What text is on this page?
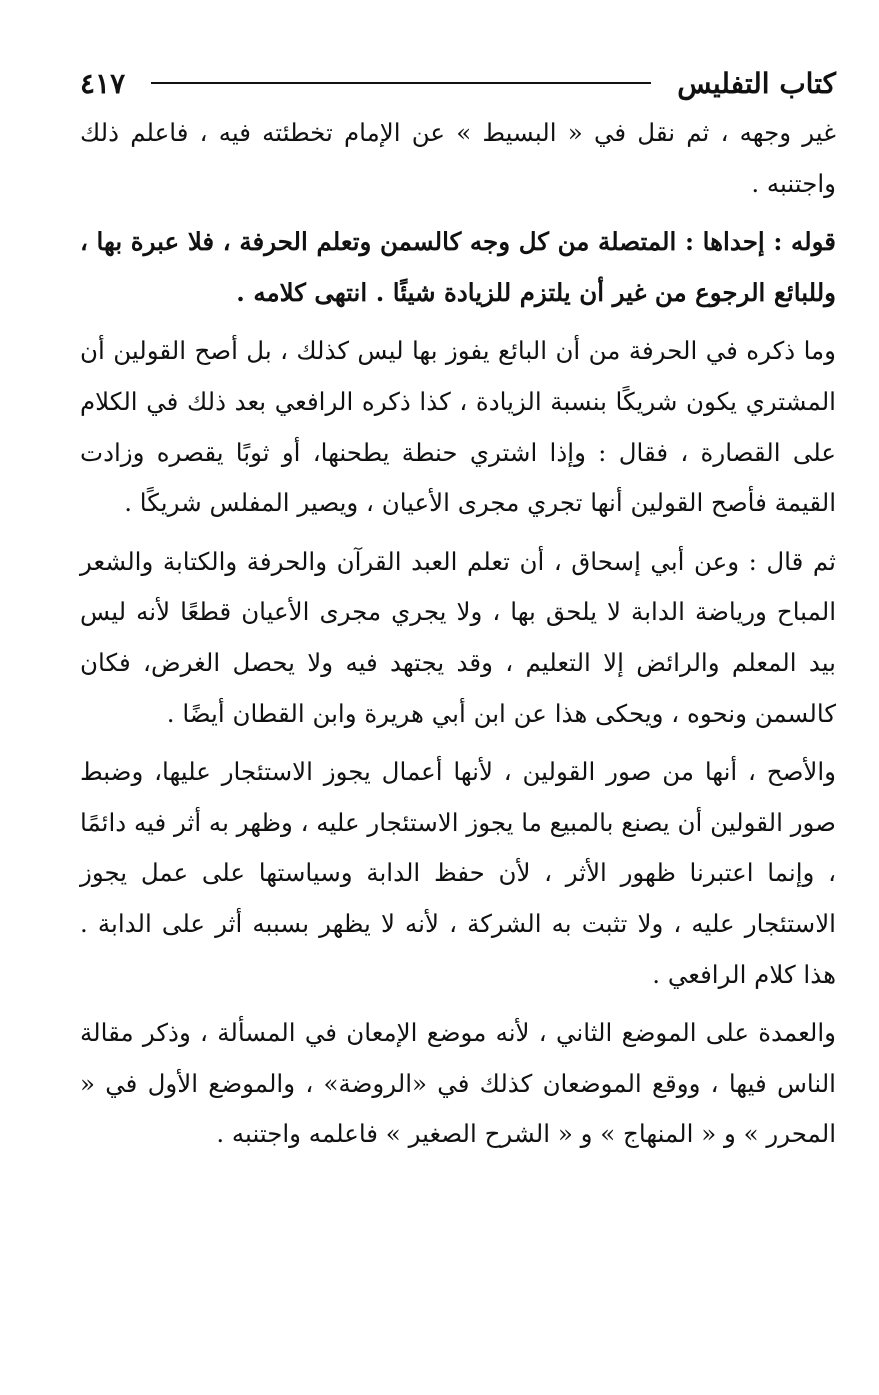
كتاب التفليس
٤١٧

غير وجهه ، ثم نقل في « البسيط » عن الإمام تخطئته فيه ، فاعلم ذلك واجتنبه .

قوله : إحداها : المتصلة من كل وجه كالسمن وتعلم الحرفة ، فلا عبرة بها ، وللبائع الرجوع من غير أن يلتزم للزيادة شيئًا . انتهى كلامه .

وما ذكره في الحرفة من أن البائع يفوز بها ليس كذلك ، بل أصح القولين أن المشتري يكون شريكًا بنسبة الزيادة ، كذا ذكره الرافعي بعد ذلك في الكلام على القصارة ، فقال : وإذا اشتري حنطة يطحنها، أو ثوبًا يقصره وزادت القيمة فأصح القولين أنها تجري مجرى الأعيان ، ويصير المفلس شريكًا .

ثم قال : وعن أبي إسحاق ، أن تعلم العبد القرآن والحرفة والكتابة والشعر المباح ورياضة الدابة لا يلحق بها ، ولا يجري مجرى الأعيان قطعًا لأنه ليس بيد المعلم والرائض إلا التعليم ، وقد يجتهد فيه ولا يحصل الغرض، فكان كالسمن ونحوه ، ويحكى هذا عن ابن أبي هريرة وابن القطان أيضًا .

والأصح ، أنها من صور القولين ، لأنها أعمال يجوز الاستئجار عليها، وضبط صور القولين أن يصنع بالمبيع ما يجوز الاستئجار عليه ، وظهر به أثر فيه دائمًا ، وإنما اعتبرنا ظهور الأثر ، لأن حفظ الدابة وسياستها على عمل يجوز الاستئجار عليه ، ولا تثبت به الشركة ، لأنه لا يظهر بسببه أثر على الدابة . هذا كلام الرافعي .

والعمدة على الموضع الثاني ، لأنه موضع الإمعان في المسألة ، وذكر مقالة الناس فيها ، ووقع الموضعان كذلك في «الروضة» ، والموضع الأول في « المحرر » و « المنهاج » و « الشرح الصغير » فاعلمه واجتنبه .
